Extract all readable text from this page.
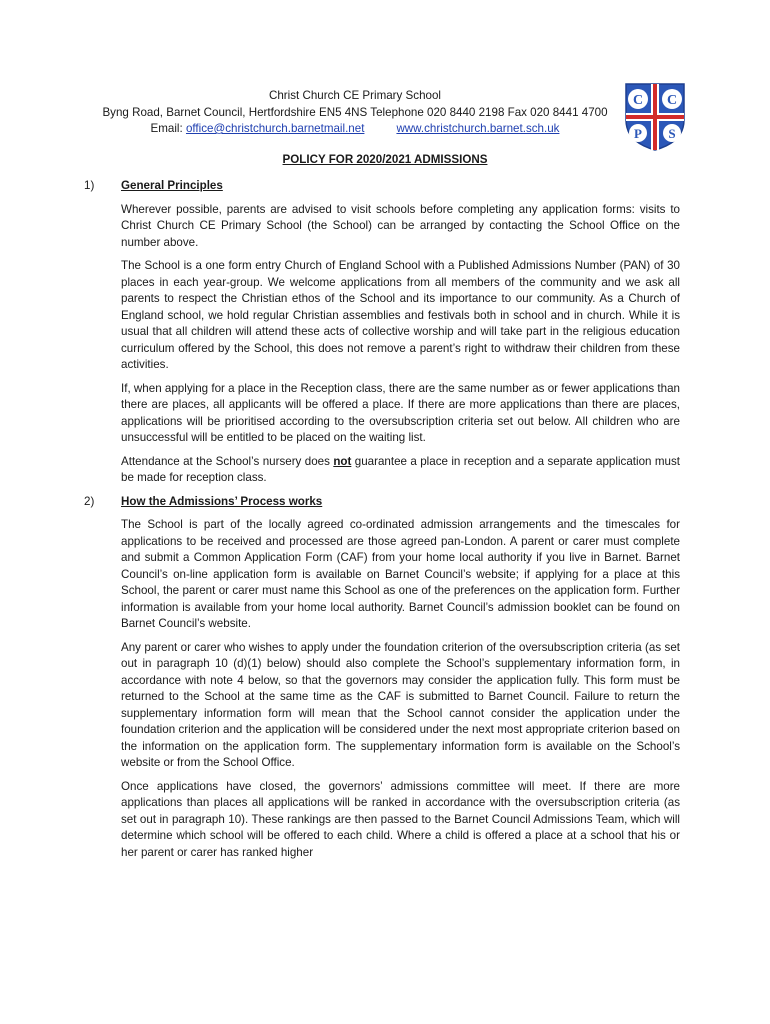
Christ Church CE Primary School
Byng Road, Barnet Council, Hertfordshire EN5 4NS Telephone 020 8440 2198 Fax 020 8441 4700
Email: office@christchurch.barnetmail.net	www.christchurch.barnet.sch.uk
C C
P S
POLICY FOR 2020/2021 ADMISSIONS
1) General Principles

Wherever possible, parents are advised to visit schools before completing any application forms: visits to Christ Church CE Primary School (the School) can be arranged by contacting the School Office on the number above.

The School is a one form entry Church of England School with a Published Admissions Number (PAN) of 30 places in each year-group. We welcome applications from all members of the community and we ask all parents to respect the Christian ethos of the School and its importance to our community. As a Church of England school, we hold regular Christian assemblies and festivals both in school and in church. While it is usual that all children will attend these acts of collective worship and will take part in the religious education curriculum offered by the School, this does not remove a parent’s right to withdraw their children from these activities.

If, when applying for a place in the Reception class, there are the same number as or fewer applications than there are places, all applicants will be offered a place. If there are more applications than there are places, applications will be prioritised according to the oversubscription criteria set out below. All children who are unsuccessful will be entitled to be placed on the waiting list.

Attendance at the School’s nursery does not guarantee a place in reception and a separate application must be made for reception class.

2) How the Admissions’ Process works

The School is part of the locally agreed co-ordinated admission arrangements and the timescales for applications to be received and processed are those agreed pan-London. A parent or carer must complete and submit a Common Application Form (CAF) from your home local authority if you live in Barnet. Barnet Council’s on-line application form is available on Barnet Council’s website; if applying for a place at this School, the parent or carer must name this School as one of the preferences on the application form. Further information is available from your home local authority. Barnet Council’s admission booklet can be found on Barnet Council’s website.

Any parent or carer who wishes to apply under the foundation criterion of the oversubscription criteria (as set out in paragraph 10 (d)(1) below) should also complete the School’s supplementary information form, in accordance with note 4 below, so that the governors may consider the application fully. This form must be returned to the School at the same time as the CAF is submitted to Barnet Council. Failure to return the supplementary information form will mean that the School cannot consider the application under the foundation criterion and the application will be considered under the next most appropriate criterion based on the information on the application form. The supplementary information form is available on the School’s website or from the School Office.

Once applications have closed, the governors’ admissions committee will meet. If there are more applications than places all applications will be ranked in accordance with the oversubscription criteria (as set out in paragraph 10). These rankings are then passed to the Barnet Council Admissions Team, which will determine which school will be offered to each child. Where a child is offered a place at a school that his or her parent or carer has ranked higher
